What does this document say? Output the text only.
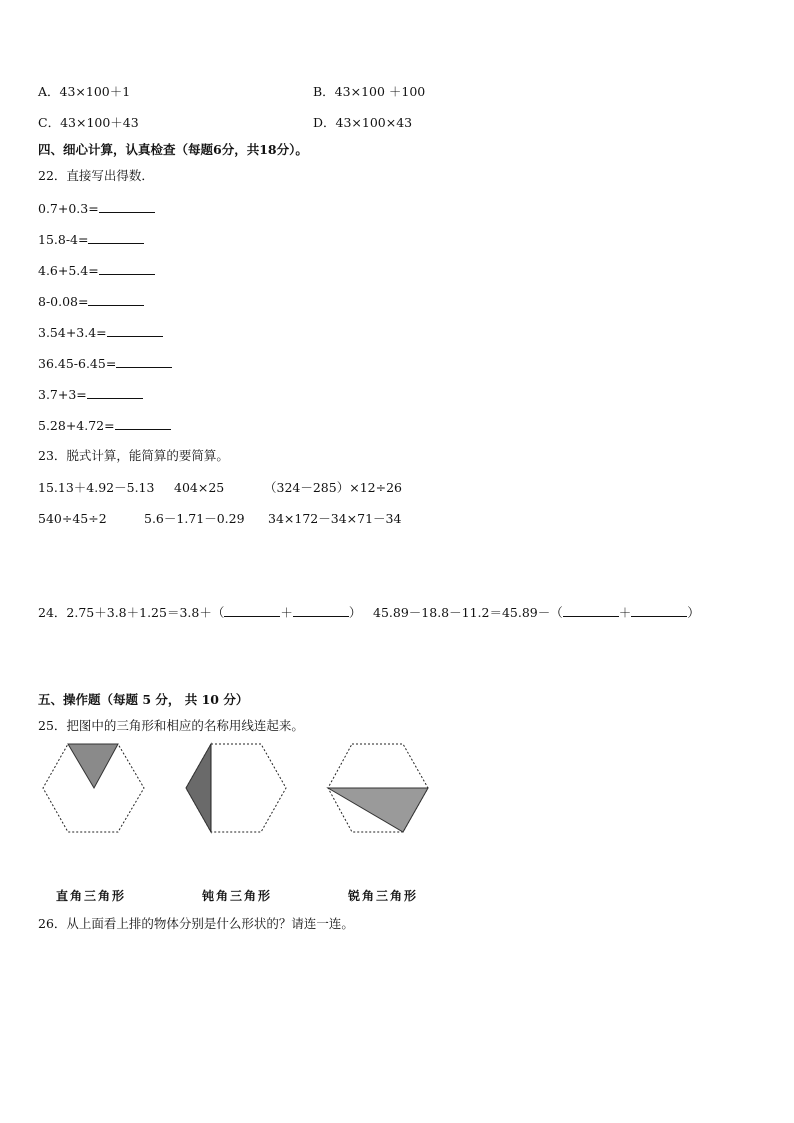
A．43×100＋1	B．43×100 ＋100
C．43×100＋43	D．43×100×43
四、细心计算，认真检查（每题6分，共18分）。
22．直接写出得数．
0.7+0.3=
15.8-4=
4.6+5.4=
8-0.08=
3.54+3.4=
36.45-6.45=
3.7+3=
5.28+4.72=
23．脱式计算，能简算的要简算。
15.13＋4.92－5.13 404×25	（324－285）×12÷26
540÷45÷2	5.6－1.71－0.29 34×172－34×71－34
24．2.75＋3.8＋1.25＝3.8＋（	＋	） 45.89－18.8－11.2＝45.89－（	＋	）
五、操作题（每题 5 分， 共 10 分）
25．把图中的三角形和相应的名称用线连起来。
直角三角形	钝角三角形	锐角三角形
26．从上面看上排的物体分别是什么形状的？请连一连。
